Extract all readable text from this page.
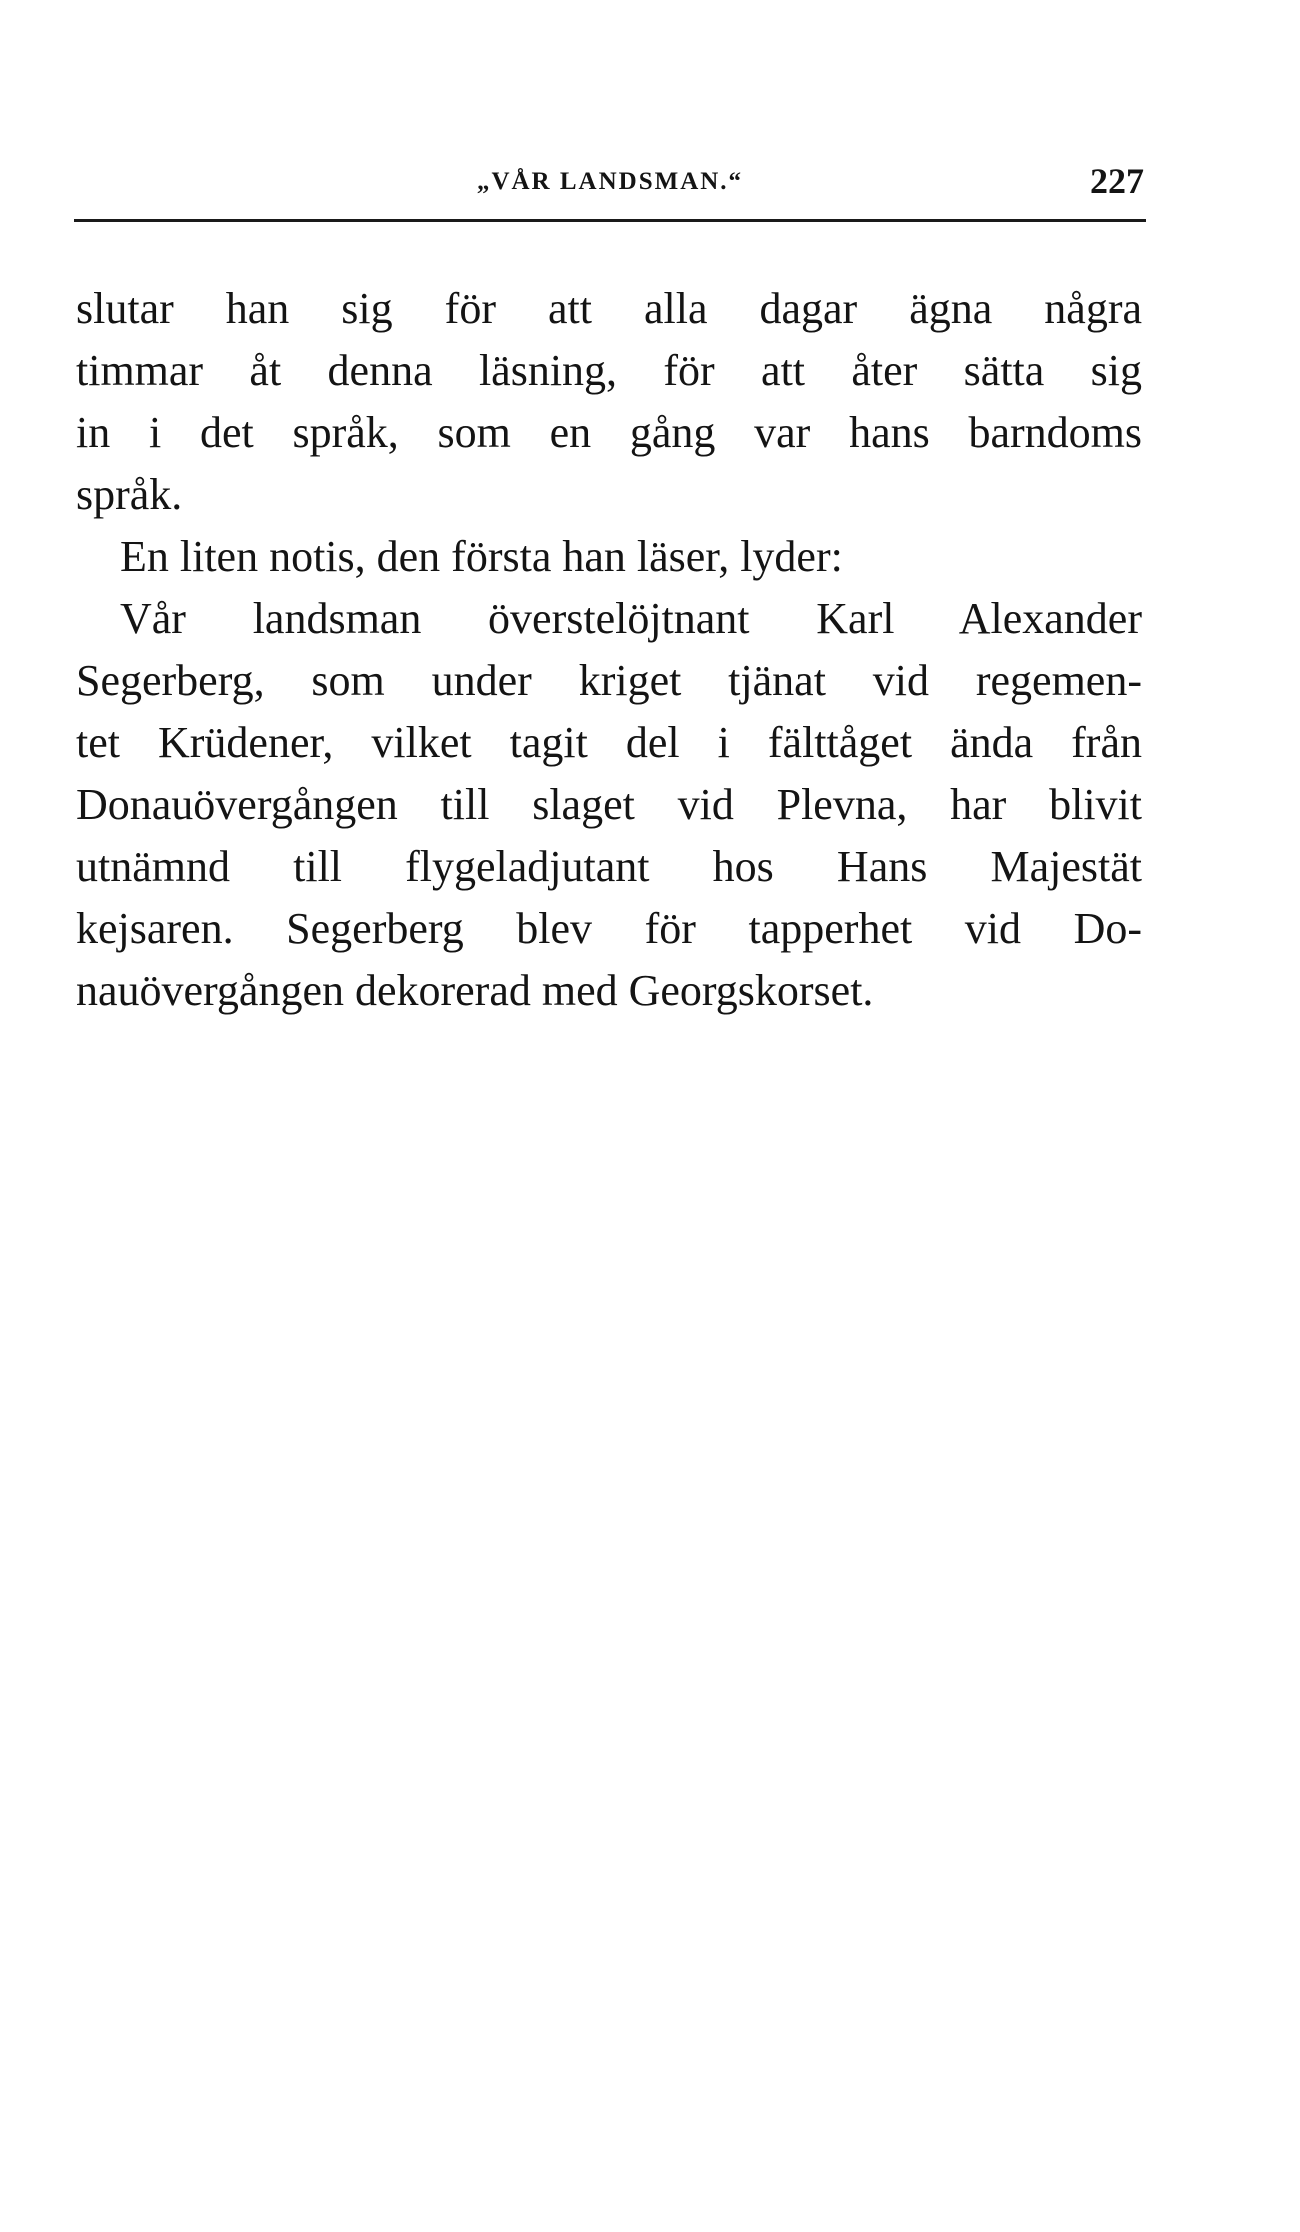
„VÅR LANDSMAN.“	227
slutar han sig för att alla dagar ägna några
timmar åt denna läsning, för att åter sätta sig
in i det språk, som en gång var hans barndoms
språk.
En liten notis, den första han läser, lyder:
Vår landsman överstelöjtnant Karl Alexander
Segerberg, som under kriget tjänat vid regemen-
tet Krüdener, vilket tagit del i fälttåget ända från
Donauövergången till slaget vid Plevna, har blivit
utnämnd till flygeladjutant hos Hans Majestät
kejsaren. Segerberg blev för tapperhet vid Do-
nauövergången dekorerad med Georgskorset.
